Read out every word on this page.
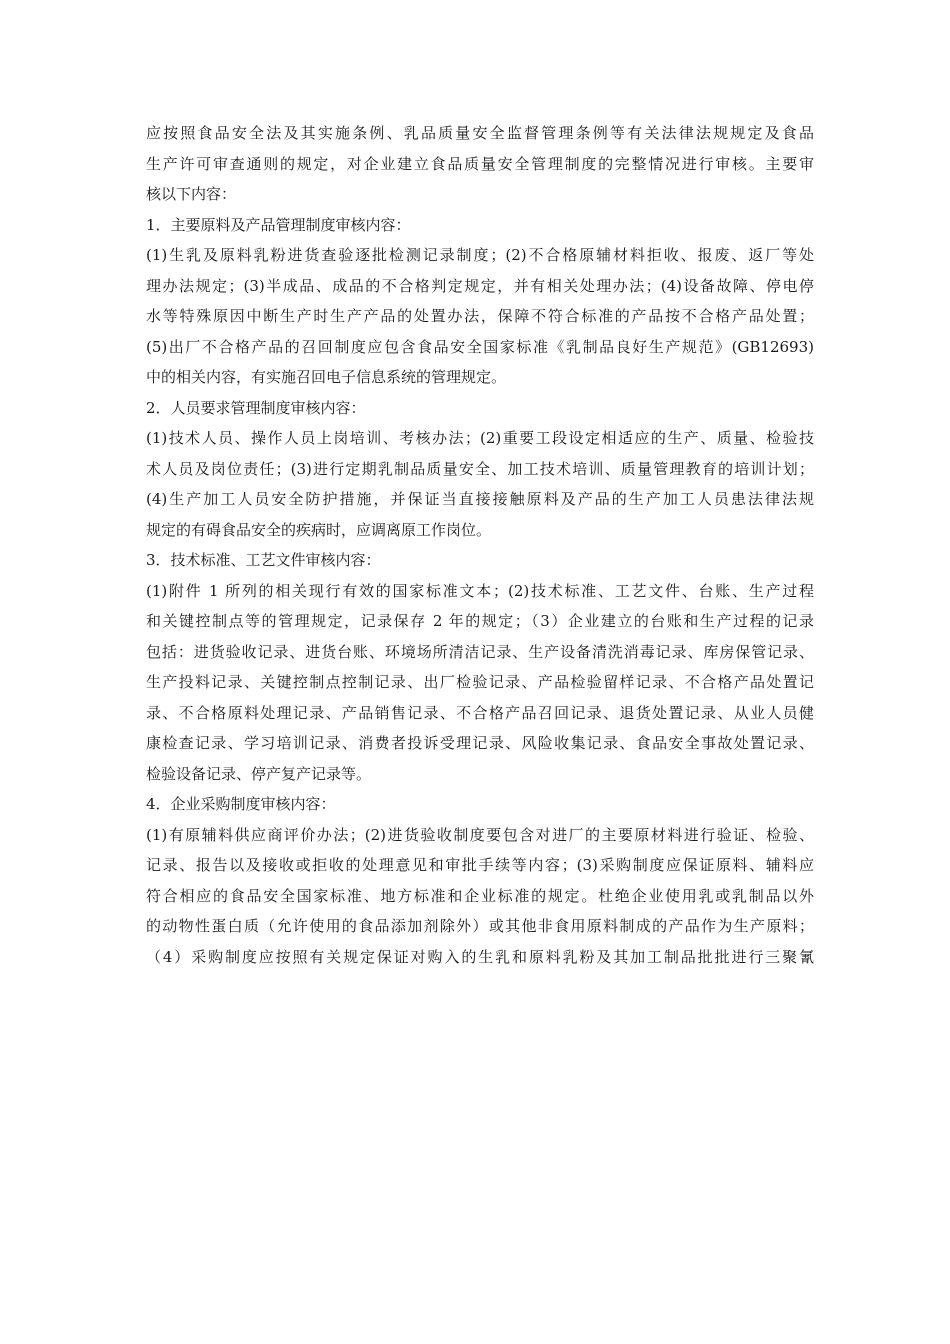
应按照食品安全法及其实施条例、乳品质量安全监督管理条例等有关法律法规规定及食品
生产许可审查通则的规定，对企业建立食品质量安全管理制度的完整情况进行审核。主要审
核以下内容：
1．主要原料及产品管理制度审核内容：
(1)生乳及原料乳粉进货查验逐批检测记录制度；(2)不合格原辅材料拒收、报废、返厂等处
理办法规定；(3)半成品、成品的不合格判定规定，并有相关处理办法；(4)设备故障、停电停
水等特殊原因中断生产时生产产品的处置办法，保障不符合标准的产品按不合格产品处置；
(5)出厂不合格产品的召回制度应包含食品安全国家标准《乳制品良好生产规范》(GB12693)
中的相关内容，有实施召回电子信息系统的管理规定。
2．人员要求管理制度审核内容：
(1)技术人员、操作人员上岗培训、考核办法；(2)重要工段设定相适应的生产、质量、检验技
术人员及岗位责任；(3)进行定期乳制品质量安全、加工技术培训、质量管理教育的培训计划；
(4)生产加工人员安全防护措施，并保证当直接接触原料及产品的生产加工人员患法律法规
规定的有碍食品安全的疾病时，应调离原工作岗位。
3．技术标准、工艺文件审核内容：
(1)附件 1 所列的相关现行有效的国家标准文本；(2)技术标准、工艺文件、台账、生产过程
和关键控制点等的管理规定，记录保存 2 年的规定；（3）企业建立的台账和生产过程的记录
包括：进货验收记录、进货台账、环境场所清洁记录、生产设备清洗消毒记录、库房保管记录、
生产投料记录、关键控制点控制记录、出厂检验记录、产品检验留样记录、不合格产品处置记
录、不合格原料处理记录、产品销售记录、不合格产品召回记录、退货处置记录、从业人员健
康检查记录、学习培训记录、消费者投诉受理记录、风险收集记录、食品安全事故处置记录、
检验设备记录、停产复产记录等。
4．企业采购制度审核内容：
(1)有原辅料供应商评价办法；(2)进货验收制度要包含对进厂的主要原材料进行验证、检验、
记录、报告以及接收或拒收的处理意见和审批手续等内容；(3)采购制度应保证原料、辅料应
符合相应的食品安全国家标准、地方标准和企业标准的规定。杜绝企业使用乳或乳制品以外
的动物性蛋白质（允许使用的食品添加剂除外）或其他非食用原料制成的产品作为生产原料；
（4）采购制度应按照有关规定保证对购入的生乳和原料乳粉及其加工制品批批进行三聚氰
